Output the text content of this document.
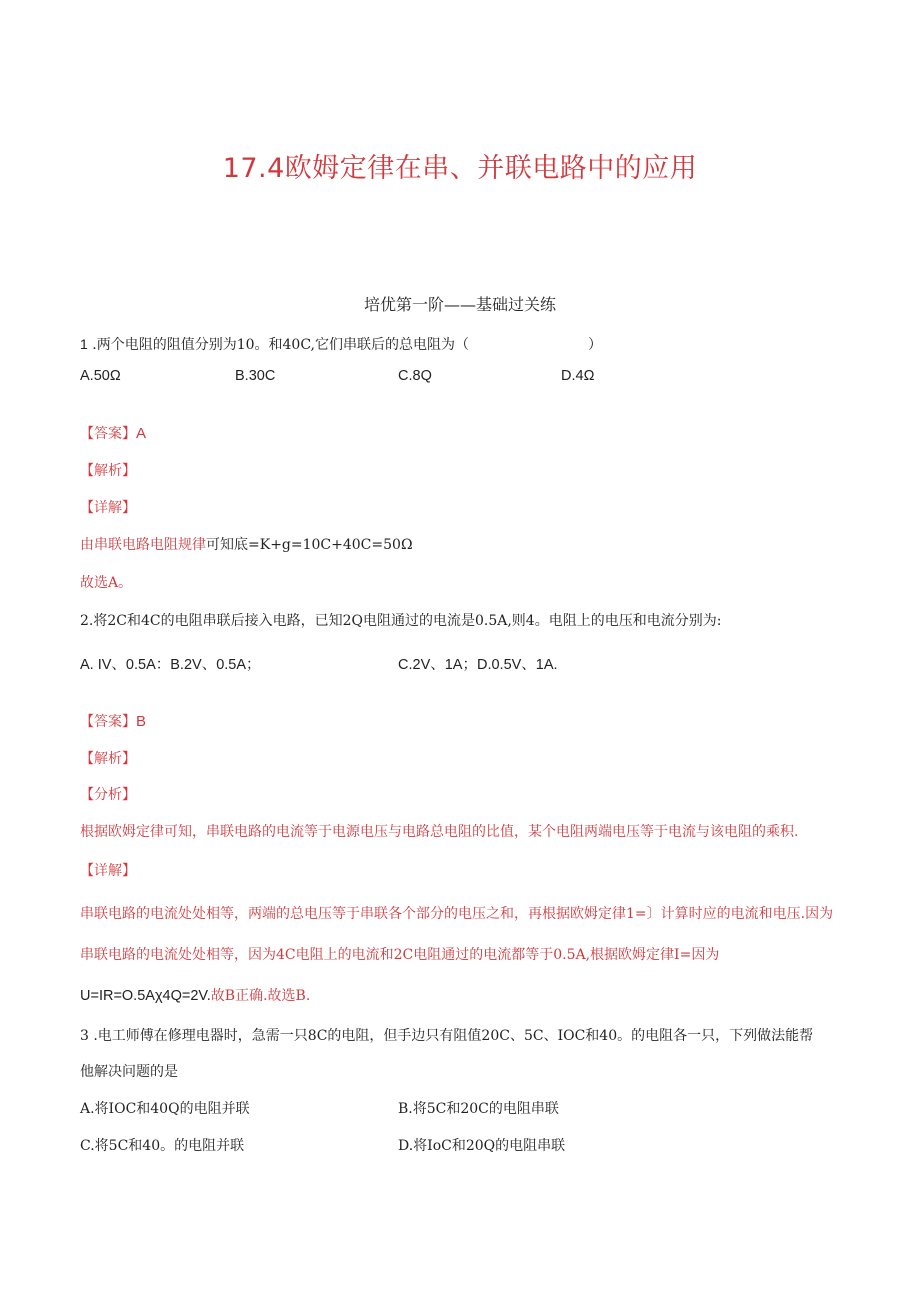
17.4欧姆定律在串、并联电路中的应用
培优第一阶——基础过关练
1 .两个电阻的阻值分别为10。和40C,它们串联后的总电阻为（	）
A.50Ω	B.30C	C.8Q	D.4Ω
【答案】A
【解析】
【详解】
由串联电路电阻规律可知底=K+g=10C+40C=50Ω
故选A。
2.将2C和4C的电阻串联后接入电路，已知2Q电阻通过的电流是0.5A,则4。电阻上的电压和电流分别为:
A. IV、0.5A：B.2V、0.5A；	C.2V、1A；D.0.5V、1A.
【答案】B
【解析】
【分析】
根据欧姆定律可知，串联电路的电流等于电源电压与电路总电阻的比值，某个电阻两端电压等于电流与该电阻的乘积.
【详解】
串联电路的电流处处相等，两端的总电压等于串联各个部分的电压之和，再根据欧姆定律1=〕计算时应的电流和电压.因为
串联电路的电流处处相等，因为4C电阻上的电流和2C电阻通过的电流都等于0.5A,根据欧姆定律I=因为
U=IR=O.5Aχ4Q=2V.故B正确.故选B.
3 .电工师傅在修理电器时，急需一只8C的电阻，但手边只有阻值20C、5C、IOC和40。的电阻各一只，下列做法能帮
他解决问题的是
A.将IOC和40Q的电阻并联	B.将5C和20C的电阻串联
C.将5C和40。的电阻并联	D.将IoC和20Q的电阻串联
